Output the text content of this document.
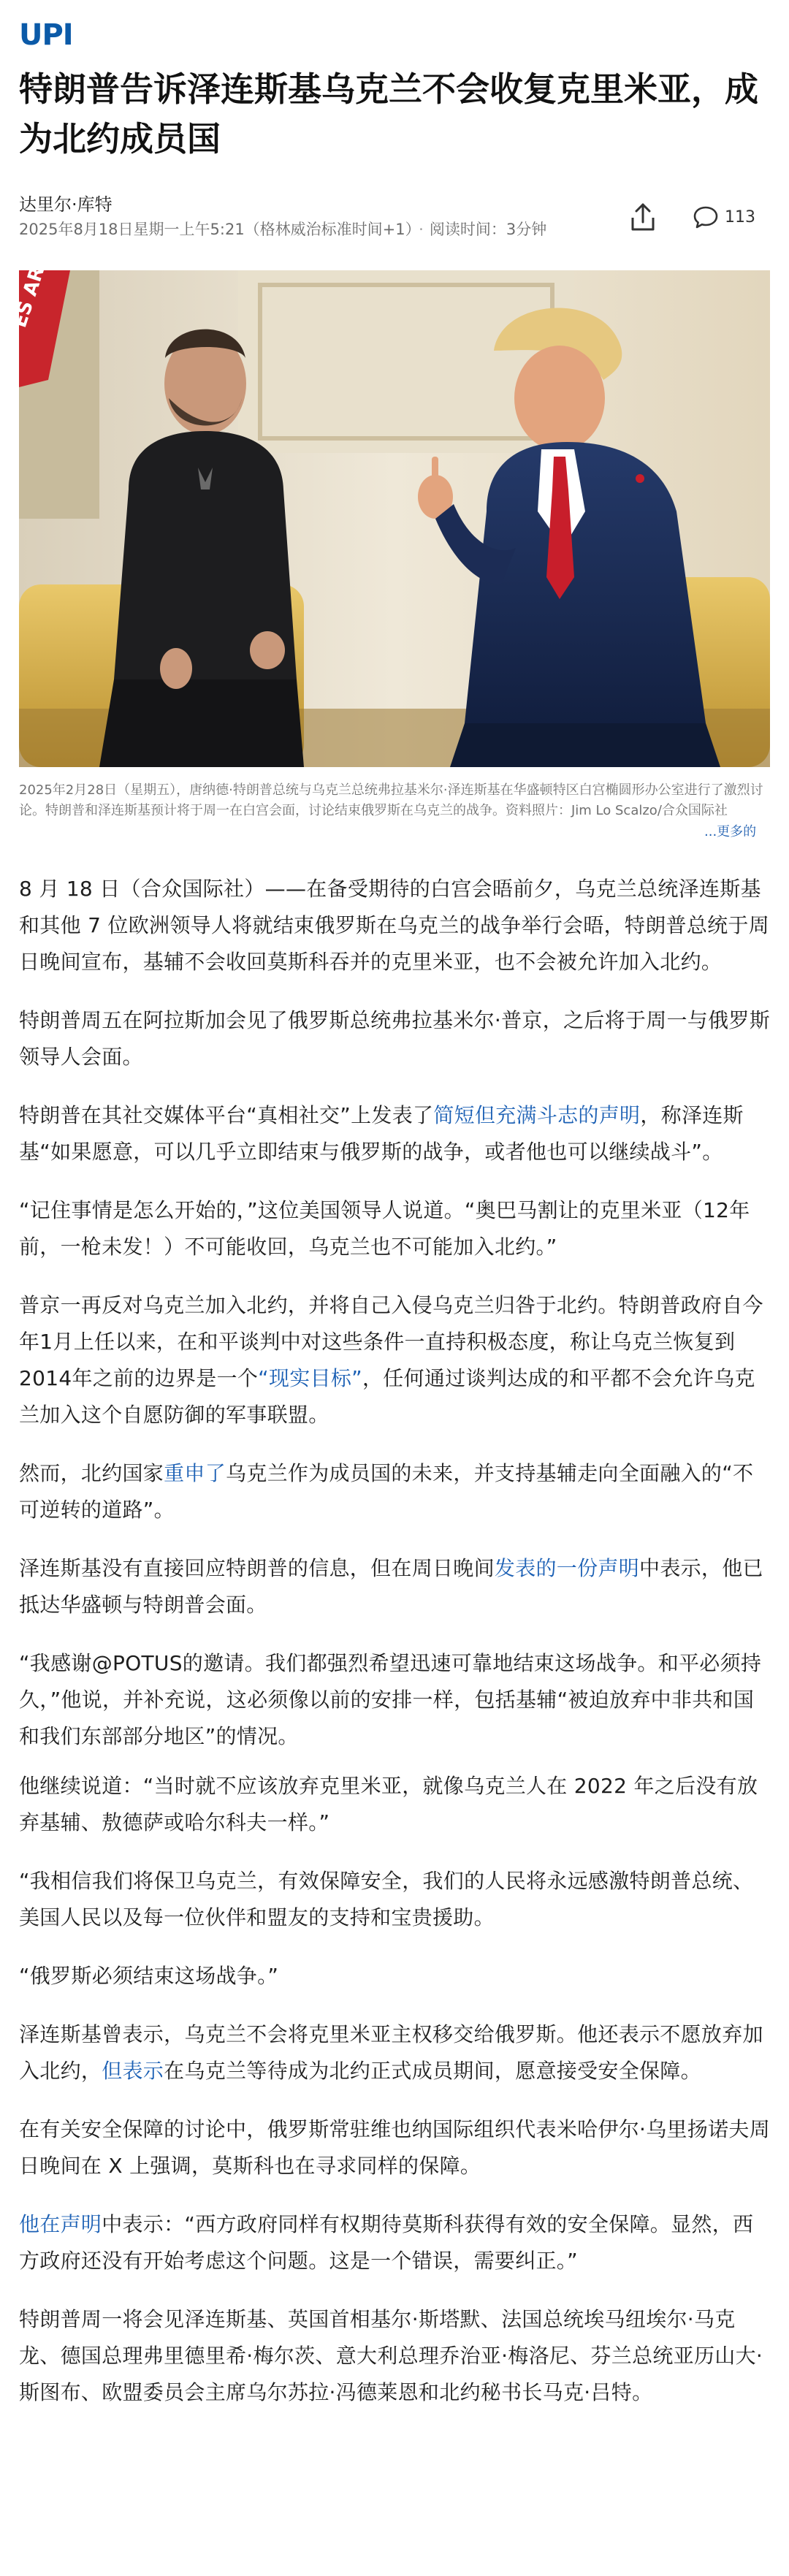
UPI
特朗普告诉泽连斯基乌克兰不会收复克里米亚，成为北约成员国
达里尔·库特
2025年8月18日星期一上午5:21（格林威治标准时间+1） · 阅读时间：3分钟
113
ES AR
2025年2月28日（星期五），唐纳德·特朗普总统与乌克兰总统弗拉基米尔·泽连斯基在华盛顿特区白宫椭圆形办公室进行了激烈讨论。特朗普和泽连斯基预计将于周一在白宫会面，讨论结束俄罗斯在乌克兰的战争。资料照片：Jim Lo Scalzo/合众国际社
...更多的

8 月 18 日（合众国际社）——在备受期待的白宫会晤前夕，乌克兰总统泽连斯基和其他 7 位欧洲领导人将就结束俄罗斯在乌克兰的战争举行会晤，特朗普总统于周日晚间宣布，基辅不会收回莫斯科吞并的克里米亚，也不会被允许加入北约。

特朗普周五在阿拉斯加会见了俄罗斯总统弗拉基米尔·普京，之后将于周一与俄罗斯领导人会面。

特朗普在其社交媒体平台“真相社交”上发表了简短但充满斗志的声明，称泽连斯基“如果愿意，可以几乎立即结束与俄罗斯的战争，或者他也可以继续战斗”。

“记住事情是怎么开始的，”这位美国领导人说道。“奥巴马割让的克里米亚（12年前，一枪未发！）不可能收回，乌克兰也不可能加入北约。”

普京一再反对乌克兰加入北约，并将自己入侵乌克兰归咎于北约。特朗普政府自今年1月上任以来，在和平谈判中对这些条件一直持积极态度，称让乌克兰恢复到2014年之前的边界是一个“现实目标”，任何通过谈判达成的和平都不会允许乌克兰加入这个自愿防御的军事联盟。

然而，北约国家重申了乌克兰作为成员国的未来，并支持基辅走向全面融入的“不可逆转的道路”。

泽连斯基没有直接回应特朗普的信息，但在周日晚间发表的一份声明中表示，他已抵达华盛顿与特朗普会面。

“我感谢@POTUS的邀请。我们都强烈希望迅速可靠地结束这场战争。和平必须持久，”他说，并补充说，这必须像以前的安排一样，包括基辅“被迫放弃中非共和国和我们东部部分地区”的情况。

他继续说道：“当时就不应该放弃克里米亚，就像乌克兰人在 2022 年之后没有放弃基辅、敖德萨或哈尔科夫一样。”

“我相信我们将保卫乌克兰，有效保障安全，我们的人民将永远感激特朗普总统、美国人民以及每一位伙伴和盟友的支持和宝贵援助。

“俄罗斯必须结束这场战争。”

泽连斯基曾表示，乌克兰不会将克里米亚主权移交给俄罗斯。他还表示不愿放弃加入北约，但表示在乌克兰等待成为北约正式成员期间，愿意接受安全保障。

在有关安全保障的讨论中，俄罗斯常驻维也纳国际组织代表米哈伊尔·乌里扬诺夫周日晚间在 X 上强调，莫斯科也在寻求同样的保障。

他在声明中表示：“西方政府同样有权期待莫斯科获得有效的安全保障。显然，西方政府还没有开始考虑这个问题。这是一个错误，需要纠正。”

特朗普周一将会见泽连斯基、英国首相基尔·斯塔默、法国总统埃马纽埃尔·马克龙、德国总理弗里德里希·梅尔茨、意大利总理乔治亚·梅洛尼、芬兰总统亚历山大·斯图布、欧盟委员会主席乌尔苏拉·冯德莱恩和北约秘书长马克·吕特。
